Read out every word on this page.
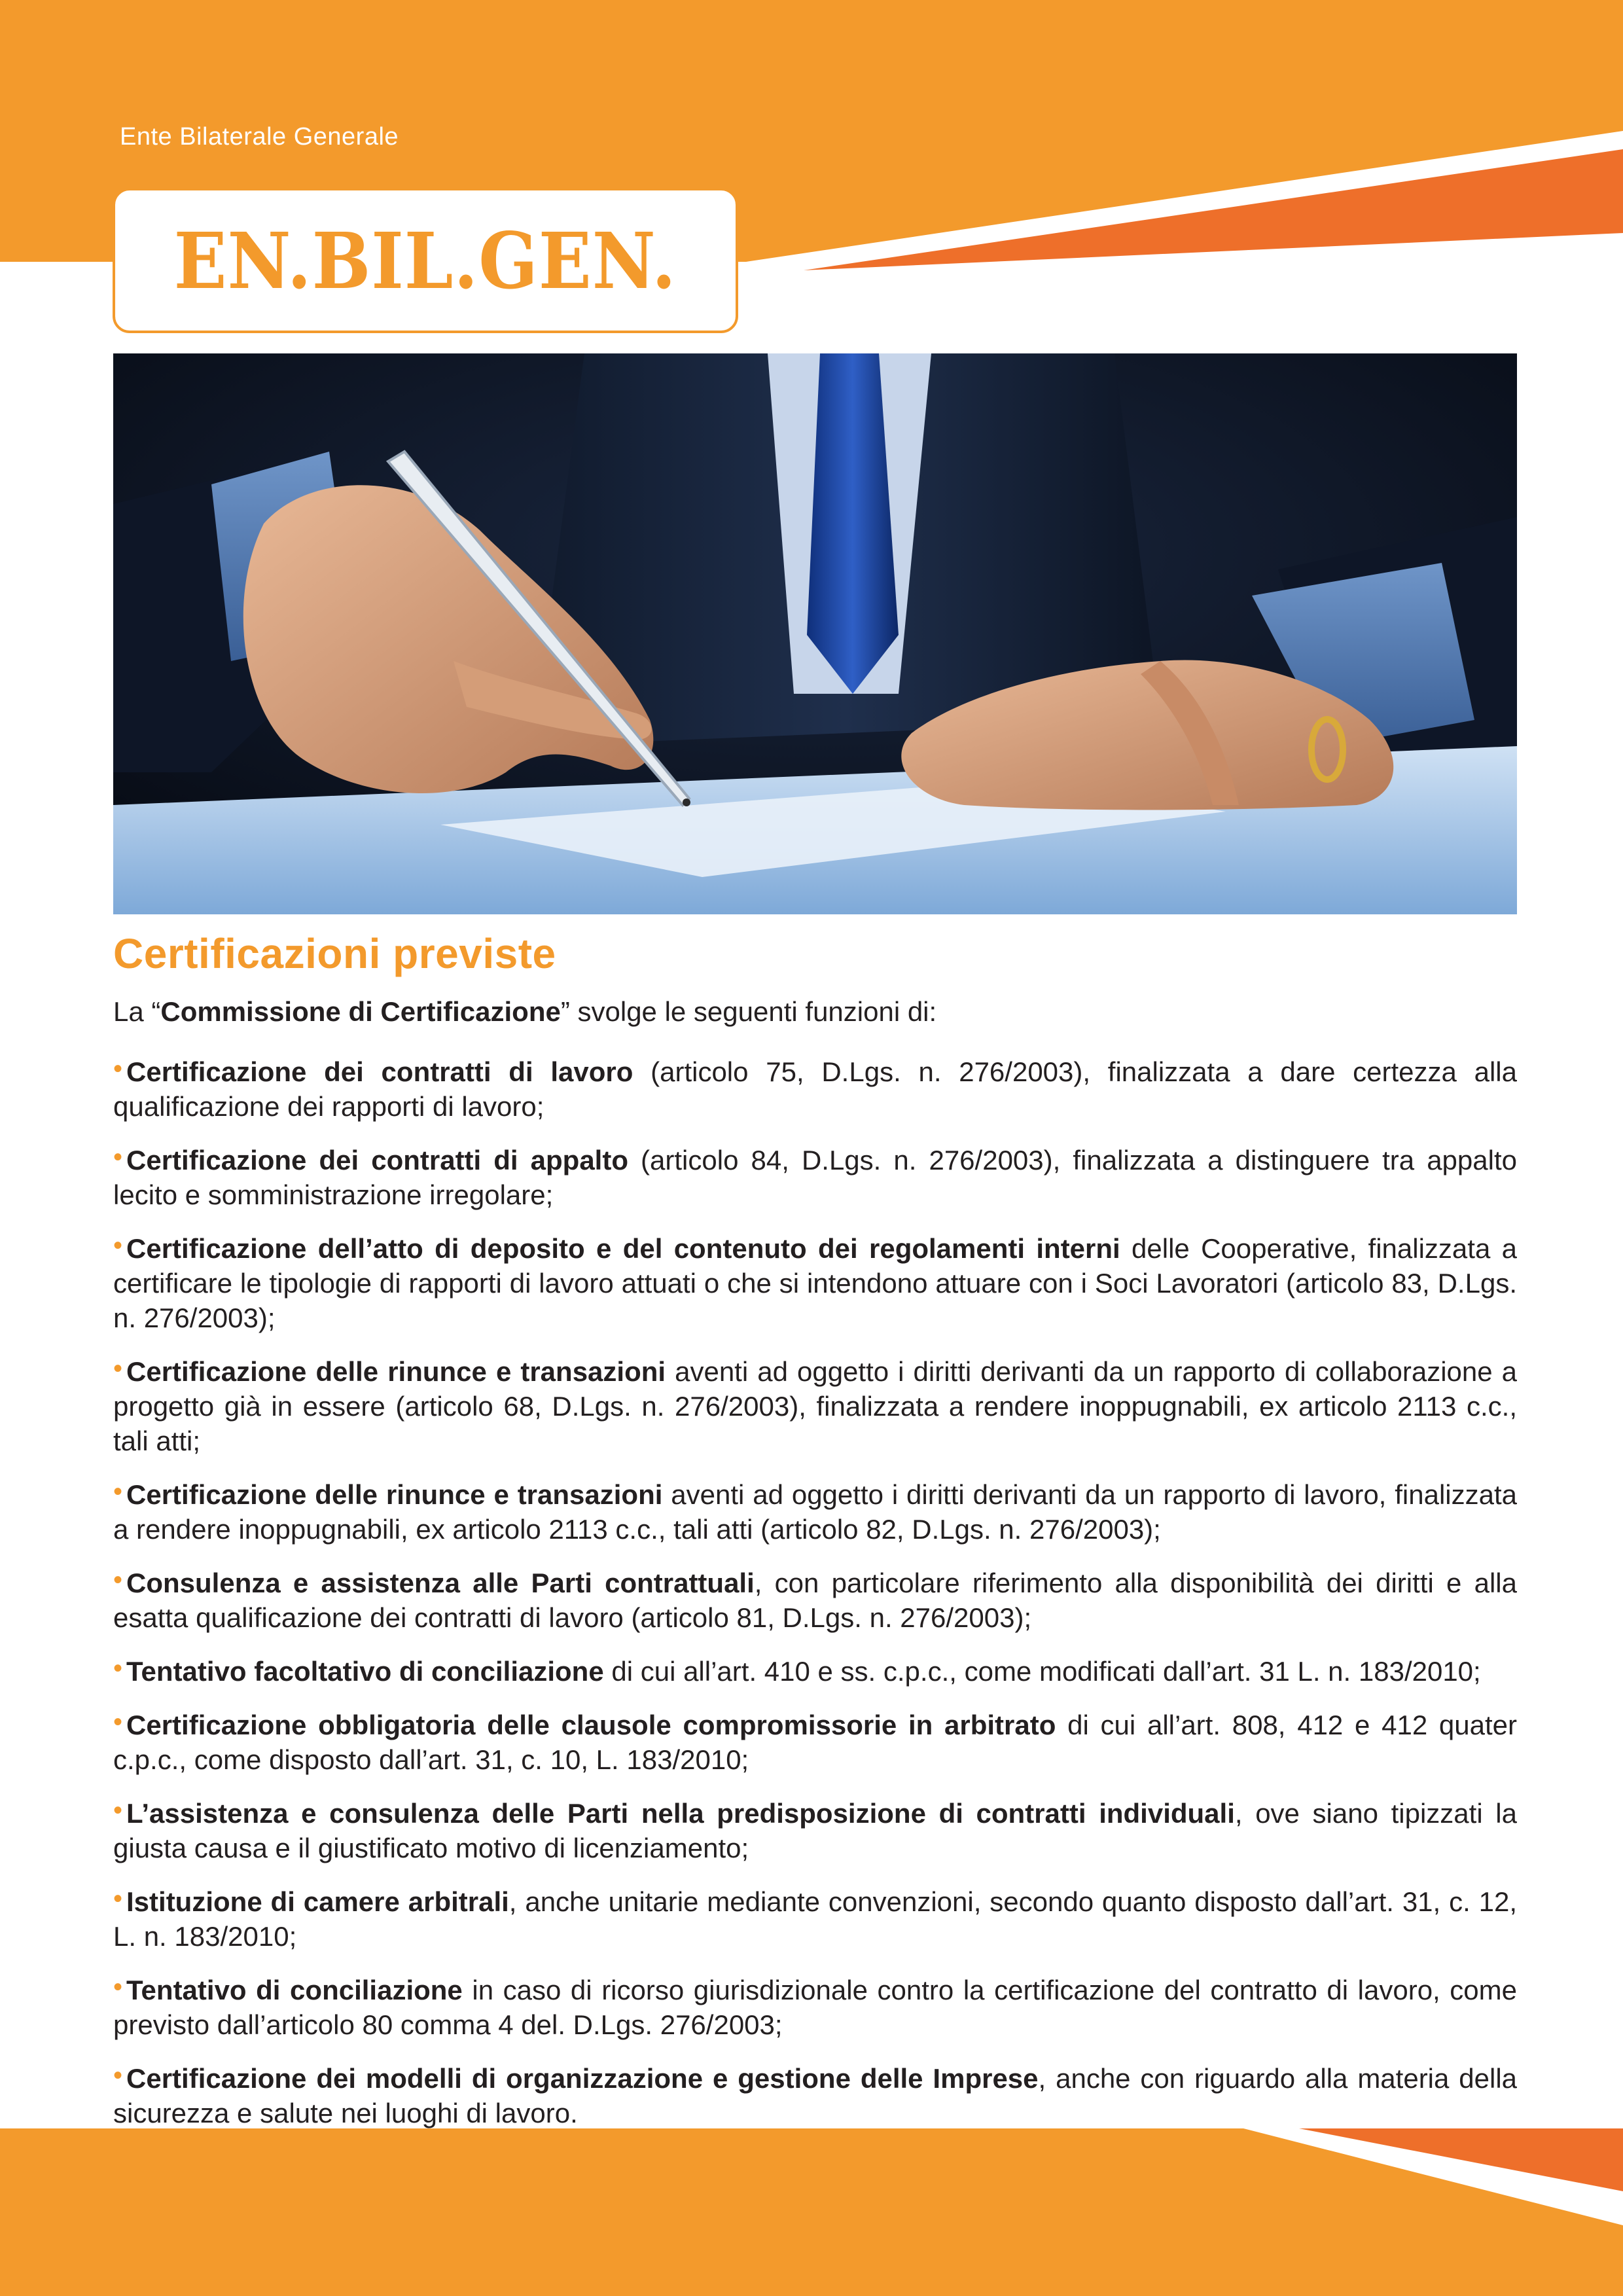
Ente Bilaterale Generale
EN.BIL.GEN.
Certificazioni previste
La “Commissione di Certificazione” svolge le seguenti funzioni di:
• Certificazione dei contratti di lavoro (articolo 75, D.Lgs. n. 276/2003), finalizzata a dare certezza alla qualificazione dei rapporti di lavoro;
• Certificazione dei contratti di appalto (articolo 84, D.Lgs. n. 276/2003), finalizzata a distinguere tra appalto lecito e somministrazione irregolare;
• Certificazione dell’atto di deposito e del contenuto dei regolamenti interni delle Cooperative, finalizzata a certificare le tipologie di rapporti di lavoro attuati o che si intendono attuare con i Soci Lavoratori (articolo 83, D.Lgs. n. 276/2003);
• Certificazione delle rinunce e transazioni aventi ad oggetto i diritti derivanti da un rapporto di collaborazione a progetto già in essere (articolo 68, D.Lgs. n. 276/2003), finalizzata a rendere inoppugnabili, ex articolo 2113 c.c., tali atti;
• Certificazione delle rinunce e transazioni aventi ad oggetto i diritti derivanti da un rapporto di lavoro, finalizzata a rendere inoppugnabili, ex articolo 2113 c.c., tali atti (articolo 82, D.Lgs. n. 276/2003);
• Consulenza e assistenza alle Parti contrattuali, con particolare riferimento alla disponibilità dei diritti e alla esatta qualificazione dei contratti di lavoro (articolo 81, D.Lgs. n. 276/2003);
• Tentativo facoltativo di conciliazione di cui all’art. 410 e ss. c.p.c., come modificati dall’art. 31 L. n. 183/2010;
• Certificazione obbligatoria delle clausole compromissorie in arbitrato di cui all’art. 808, 412 e 412 quater c.p.c., come disposto dall’art. 31, c. 10, L. 183/2010;
• L’assistenza e consulenza delle Parti nella predisposizione di contratti individuali, ove siano tipizzati la giusta causa e il giustificato motivo di licenziamento;
• Istituzione di camere arbitrali, anche unitarie mediante convenzioni, secondo quanto disposto dall’art. 31, c. 12, L. n. 183/2010;
• Tentativo di conciliazione in caso di ricorso giurisdizionale contro la certificazione del contratto di lavoro, come previsto dall’articolo 80 comma 4 del. D.Lgs. 276/2003;
• Certificazione dei modelli di organizzazione e gestione delle Imprese, anche con riguardo alla materia della sicurezza e salute nei luoghi di lavoro.
